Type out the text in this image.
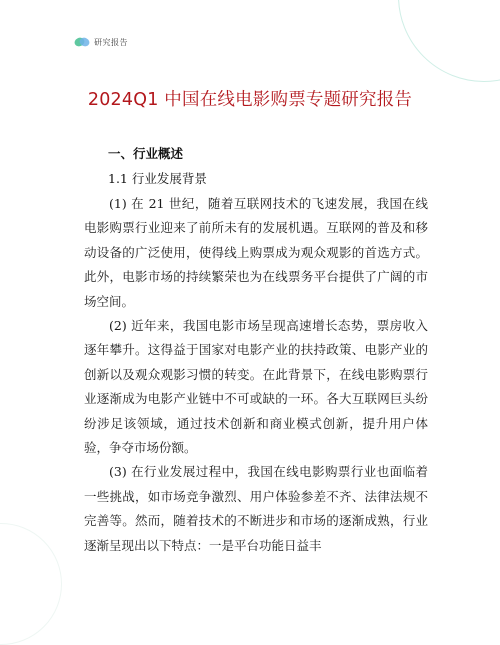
研究报告
2024Q1 中国在线电影购票专题研究报告
一、行业概述
1.1 行业发展背景

(1) 在 21 世纪，随着互联网技术的飞速发展，我国在线电影购票行业迎来了前所未有的发展机遇。互联网的普及和移动设备的广泛使用，使得线上购票成为观众观影的首选方式。此外，电影市场的持续繁荣也为在线票务平台提供了广阔的市场空间。

(2) 近年来，我国电影市场呈现高速增长态势，票房收入逐年攀升。这得益于国家对电影产业的扶持政策、电影产业的创新以及观众观影习惯的转变。在此背景下，在线电影购票行业逐渐成为电影产业链中不可或缺的一环。各大互联网巨头纷纷涉足该领域，通过技术创新和商业模式创新，提升用户体验，争夺市场份额。

(3) 在行业发展过程中，我国在线电影购票行业也面临着一些挑战，如市场竞争激烈、用户体验参差不齐、法律法规不完善等。然而，随着技术的不断进步和市场的逐渐成熟，行业逐渐呈现出以下特点：一是平台功能日益丰
